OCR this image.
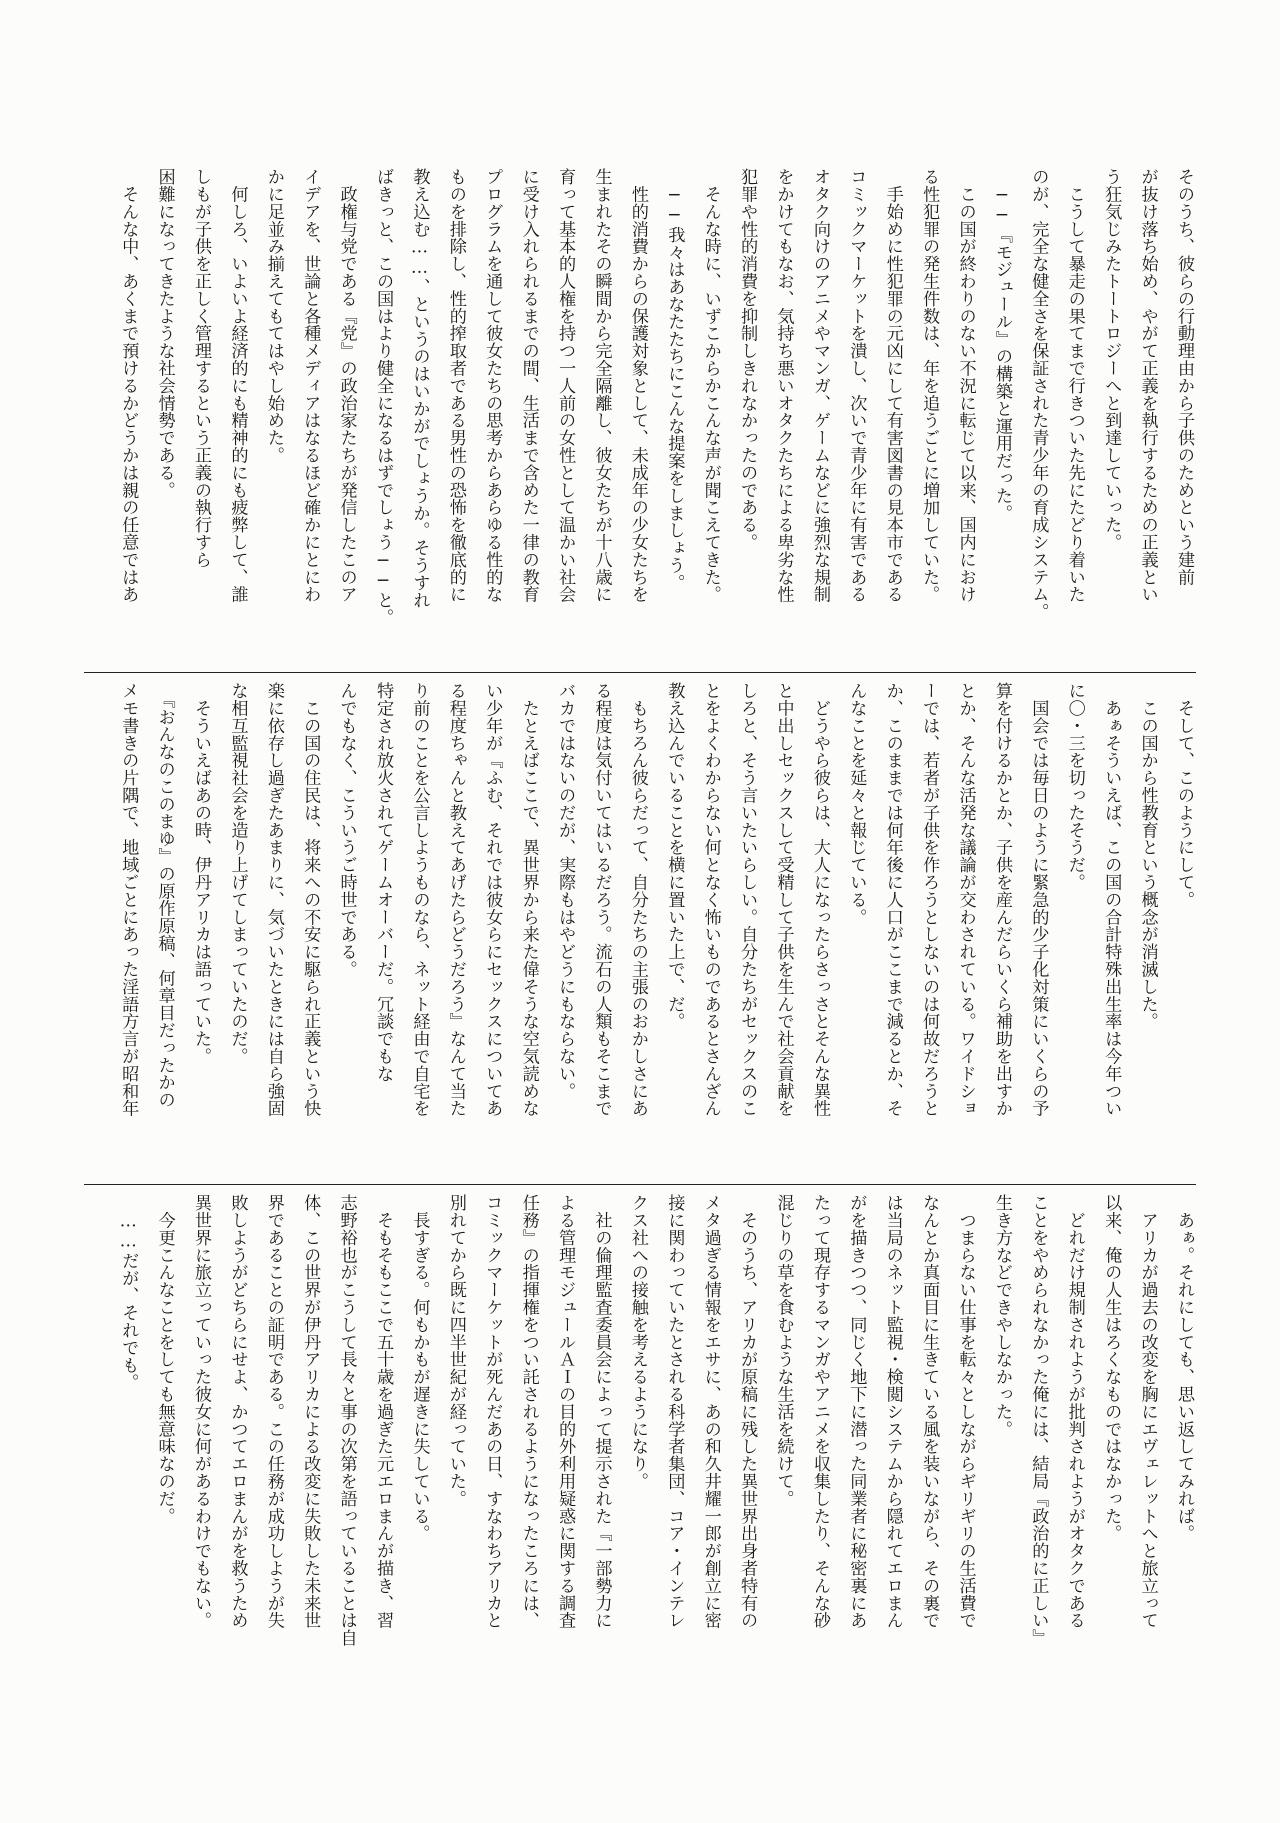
そのうち、彼らの行動理由から子供のためという建前
が抜け落ち始め、やがて正義を執行するための正義とい
う狂気じみたトートロジーへと到達していった。
　こうして暴走の果てまで行きついた先にたどり着いた
のが、完全な健全さを保証された青少年の育成システム。
　──『モジュール』の構築と運用だった。
　この国が終わりのない不況に転じて以来、国内におけ
る性犯罪の発生件数は、年を追うごとに増加していた。
　手始めに性犯罪の元凶にして有害図書の見本市である
コミックマーケットを潰し、次いで青少年に有害である
オタク向けのアニメやマンガ、ゲームなどに強烈な規制
をかけてもなお、気持ち悪いオタクたちによる卑劣な性
犯罪や性的消費を抑制しきれなかったのである。
　そんな時に、いずこからかこんな声が聞こえてきた。
　──我々はあなたたちにこんな提案をしましょう。
　性的消費からの保護対象として、未成年の少女たちを
生まれたその瞬間から完全隔離し、彼女たちが十八歳に
育って基本的人権を持つ一人前の女性として温かい社会
に受け入れられるまでの間、生活まで含めた一律の教育
プログラムを通して彼女たちの思考からあらゆる性的な
ものを排除し、性的搾取者である男性の恐怖を徹底的に
教え込む……、というのはいかがでしょうか。そうすれ
ばきっと、この国はより健全になるはずでしょう──と。
　政権与党である『党』の政治家たちが発信したこのア
イデアを、世論と各種メディアはなるほど確かにとにわ
かに足並み揃えてもてはやし始めた。
　何しろ、いよいよ経済的にも精神的にも疲弊して、誰
しもが子供を正しく管理するという正義の執行すら
困難になってきたような社会情勢である。
　そんな中、あくまで預けるかどうかは親の任意ではあ
　そして、このようにして。
　この国から性教育という概念が消滅した。
　あぁそういえば、この国の合計特殊出生率は今年つい
に〇・三を切ったそうだ。
　国会では毎日のように緊急的少子化対策にいくらの予
算を付けるかとか、子供を産んだらいくら補助を出すか
とか、そんな活発な議論が交わされている。ワイドショ
ーでは、若者が子供を作ろうとしないのは何故だろうと
か、このままでは何年後に人口がここまで減るとか、そ
んなことを延々と報じている。
　どうやら彼らは、大人になったらさっさとそんな異性
と中出しセックスして受精して子供を生んで社会貢献を
しろと、そう言いたいらしい。自分たちがセックスのこ
とをよくわからない何となく怖いものであるとさんざん
教え込んでいることを横に置いた上で、だ。
　もちろん彼らだって、自分たちの主張のおかしさにあ
る程度は気付いてはいるだろう。流石の人類もそこまで
バカではないのだが、実際もはやどうにもならない。
　たとえばここで、異世界から来た偉そうな空気読めな
い少年が『ふむ、それでは彼女らにセックスについてあ
る程度ちゃんと教えてあげたらどうだろう』なんて当た
り前のことを公言しようものなら、ネット経由で自宅を
特定され放火されてゲームオーバーだ。冗談でもな
んでもなく、こういうご時世である。
　この国の住民は、将来への不安に駆られ正義という快
楽に依存し過ぎたあまりに、気づいたときには自ら強固
な相互監視社会を造り上げてしまっていたのだ。
　そういえばあの時、伊丹アリカは語っていた。
　『おんなのこのまゆ』の原作原稿、何章目だったかの
メモ書きの片隅で、地域ごとにあった淫語方言が昭和年
　あぁ。それにしても、思い返してみれば。
　アリカが過去の改変を胸にエヴェレットへと旅立って
以来、俺の人生はろくなものではなかった。
　どれだけ規制されようが批判されようがオタクである
ことをやめられなかった俺には、結局『政治的に正しい』
生き方などできやしなかった。
　つまらない仕事を転々としながらギリギリの生活費で
なんとか真面目に生きている風を装いながら、その裏で
は当局のネット監視・検閲システムから隠れてエロまん
がを描きつつ、同じく地下に潜った同業者に秘密裏にあ
たって現存するマンガやアニメを収集したり、そんな砂
混じりの草を食むような生活を続けて。
　そのうち、アリカが原稿に残した異世界出身者特有の
メタ過ぎる情報をエサに、あの和久井耀一郎が創立に密
接に関わっていたとされる科学者集団、コア・インテレ
クス社への接触を考えるようになり。
　社の倫理監査委員会によって提示された『一部勢力に
よる管理モジュールＡＩの目的外利用疑惑に関する調査
任務』の指揮権をつい託されるようになったころには、
コミックマーケットが死んだあの日、すなわちアリカと
別れてから既に四半世紀が経っていた。
　長すぎる。何もかもが遅きに失している。
　そもそもここで五十歳を過ぎた元エロまんが描き、習
志野裕也がこうして長々と事の次第を語っていることは自
体、この世界が伊丹アリカによる改変に失敗した未来世
界であることの証明である。この任務が成功しようが失
敗しようがどちらにせよ、かつてエロまんがを救うため
異世界に旅立っていった彼女に何があるわけでもない。
　今更こんなことをしても無意味なのだ。
　……だが、それでも。
